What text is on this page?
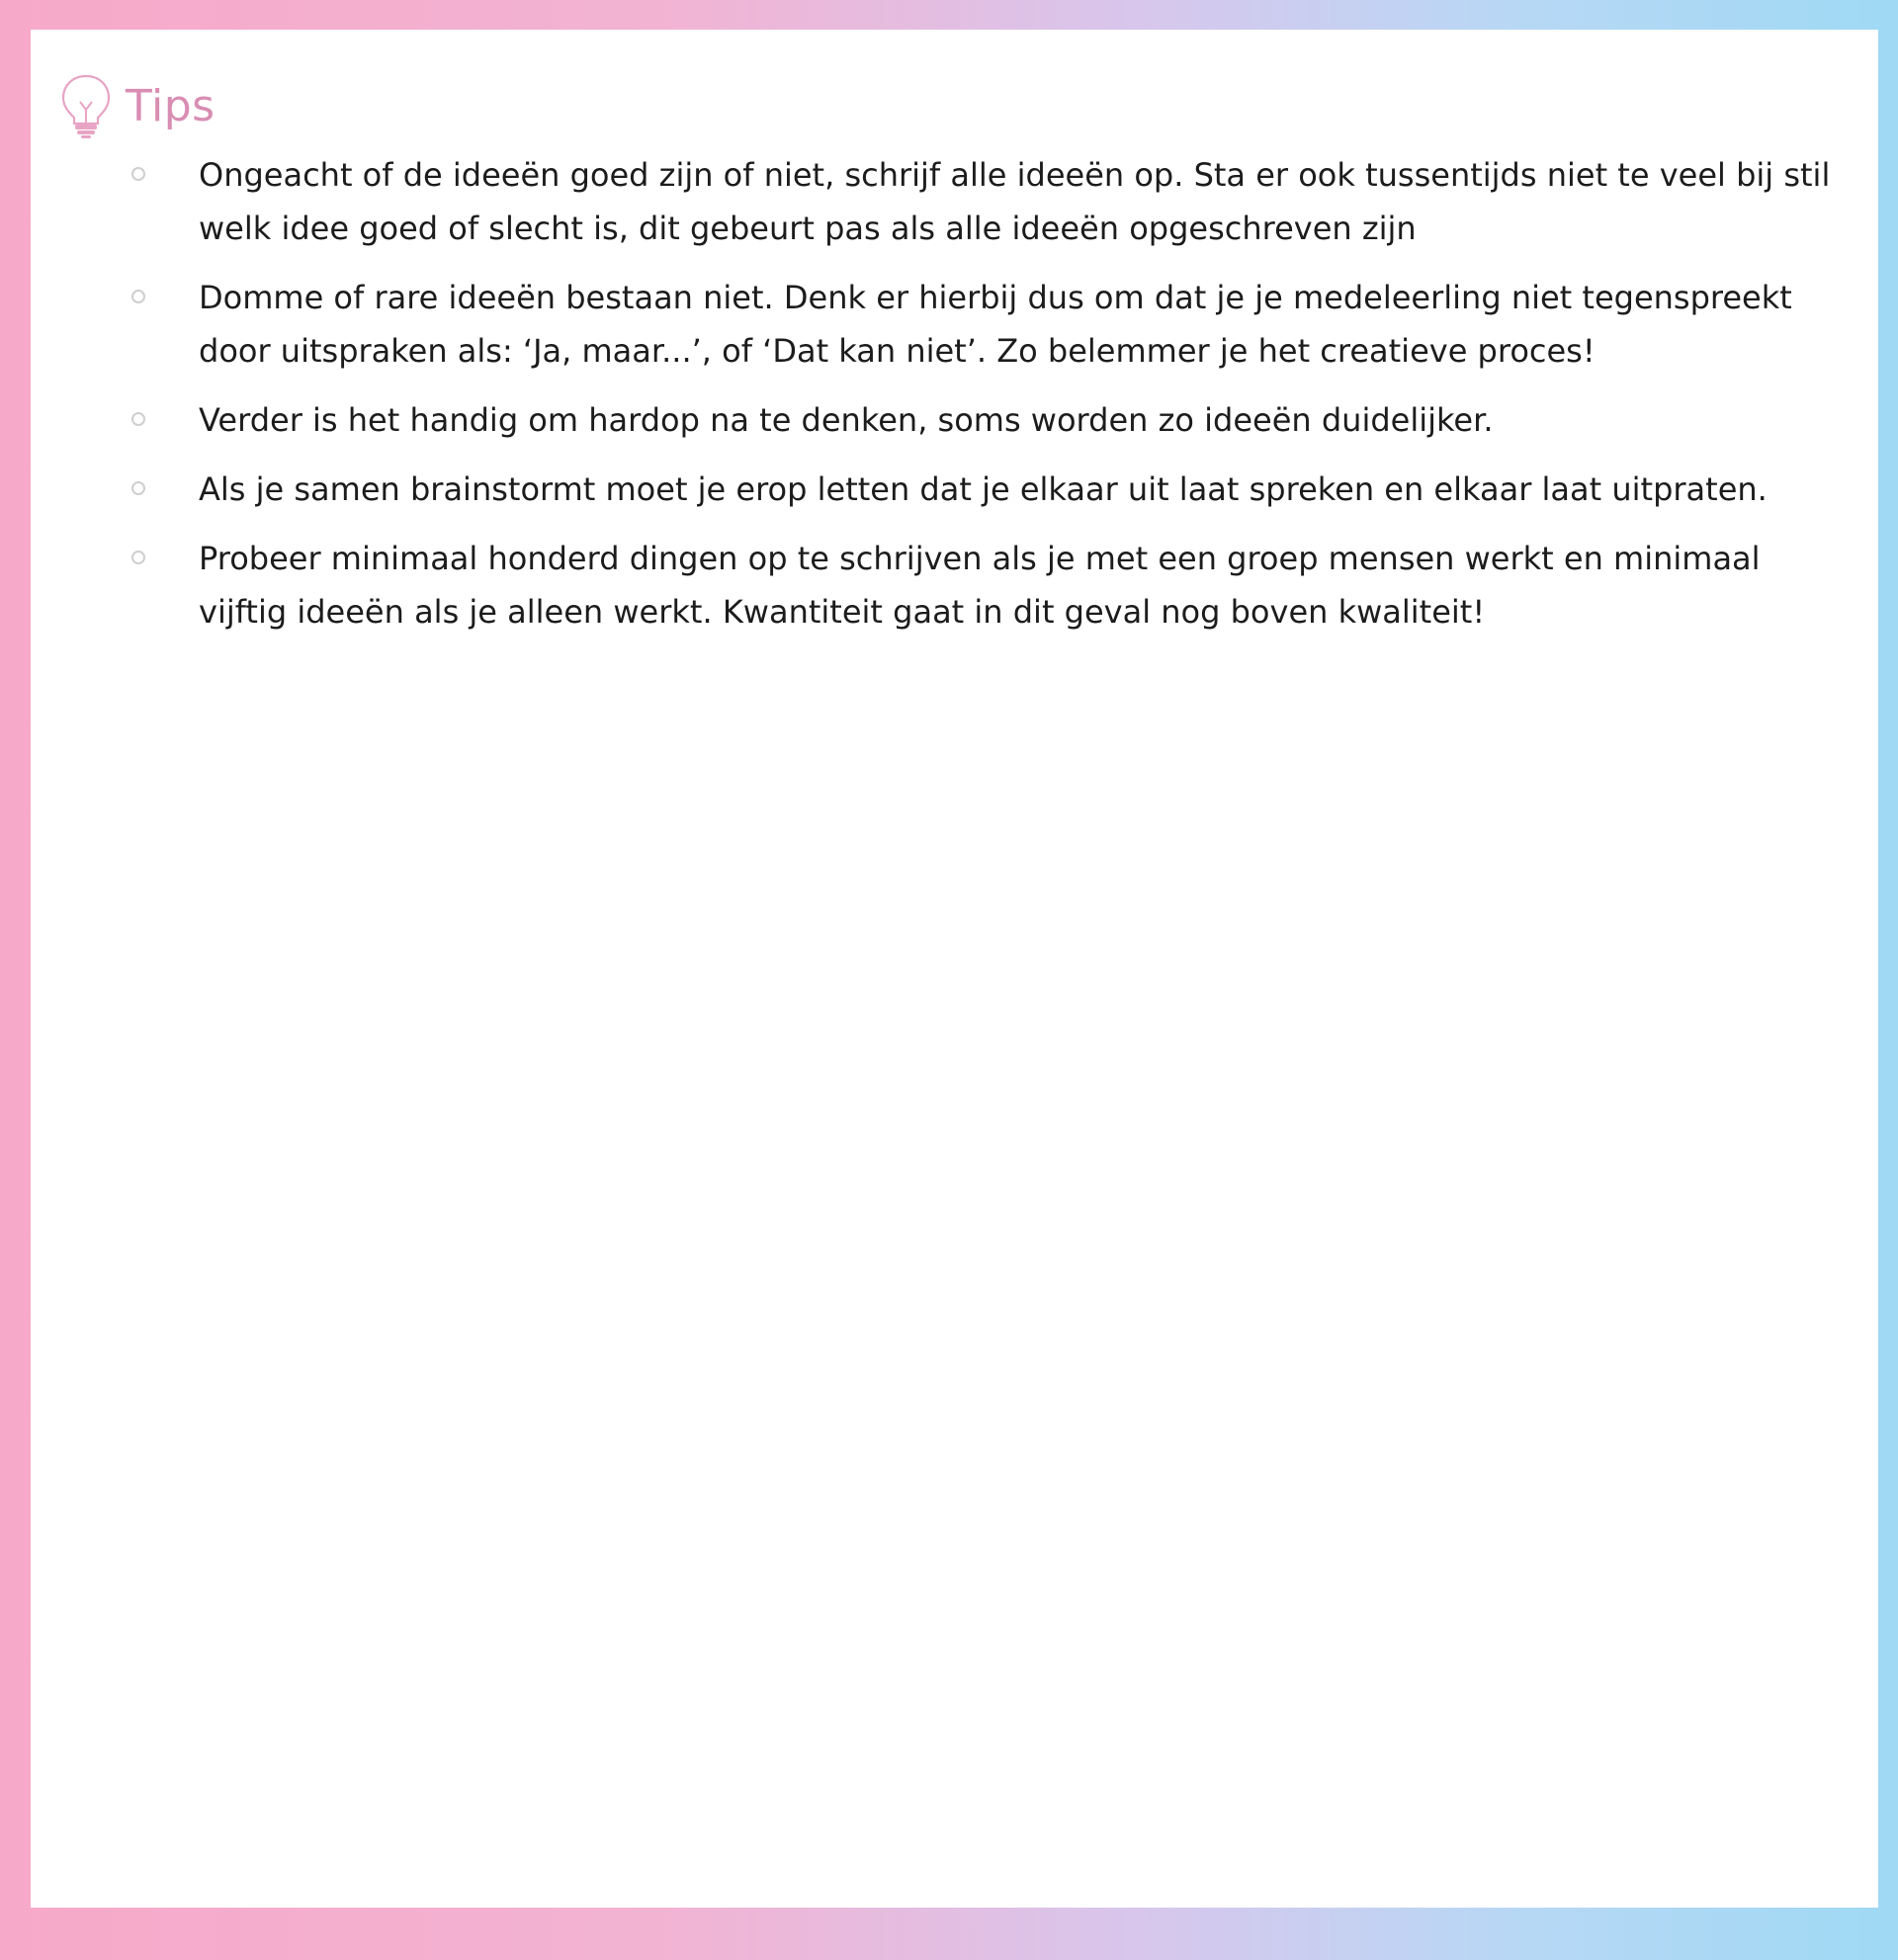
Tips
Ongeacht of de ideeën goed zijn of niet, schrijf alle ideeën op. Sta er ook tussentijds niet te veel bij stil welk idee goed of slecht is, dit gebeurt pas als alle ideeën opgeschreven zijn
Domme of rare ideeën bestaan niet. Denk er hierbij dus om dat je je medeleerling niet tegenspreekt door uitspraken als: ‘Ja, maar...’, of ‘Dat kan niet’. Zo belemmer je het creatieve proces!
Verder is het handig om hardop na te denken, soms worden zo ideeën duidelijker.
Als je samen brainstormt moet je erop letten dat je elkaar uit laat spreken en elkaar laat uitpraten.
Probeer minimaal honderd dingen op te schrijven als je met een groep mensen werkt en minimaal vijftig ideeën als je alleen werkt. Kwantiteit gaat in dit geval nog boven kwaliteit!
